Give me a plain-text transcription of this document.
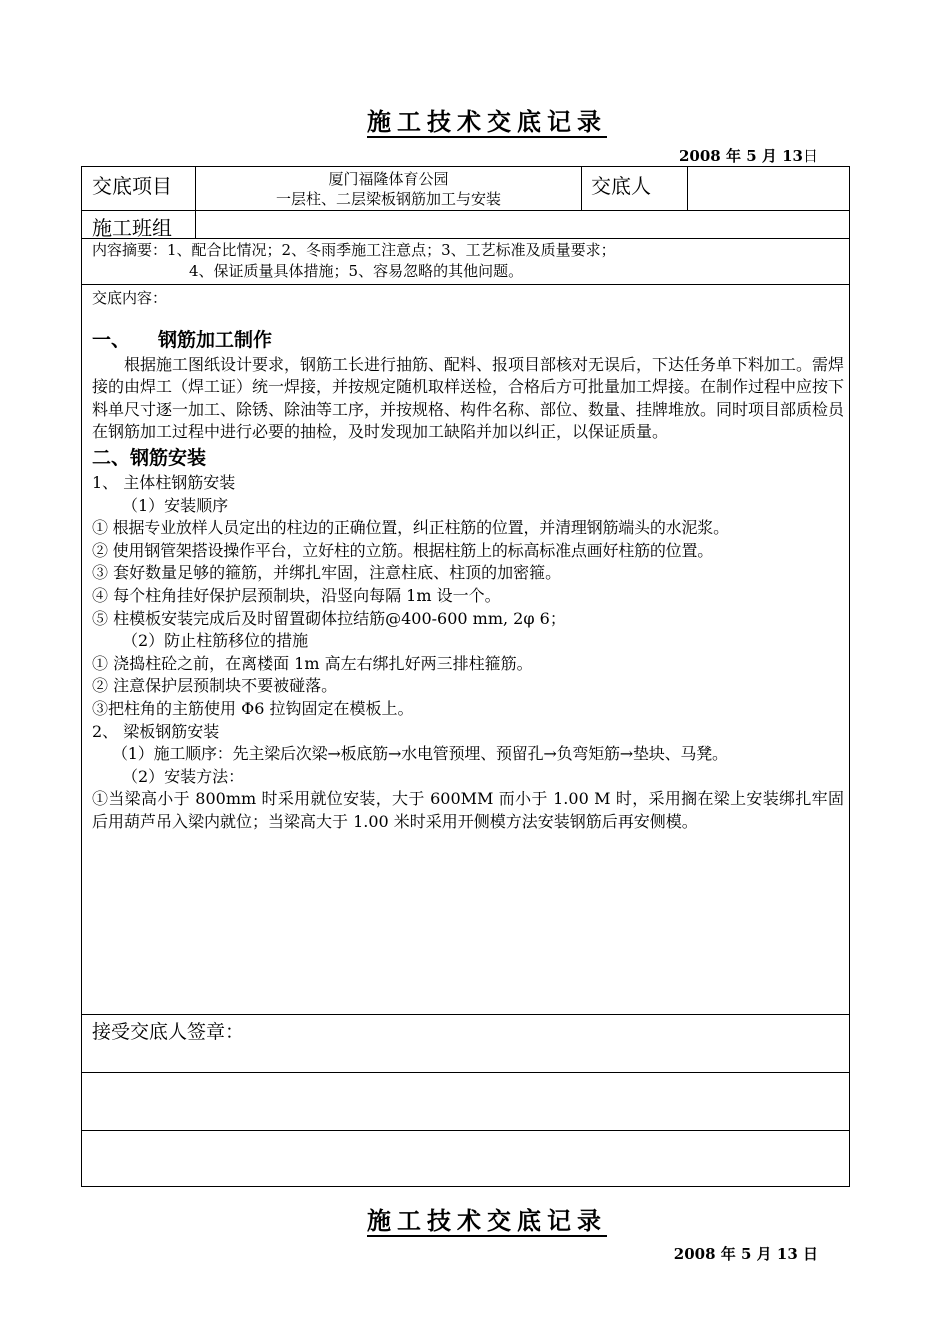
施工技术交底记录
2008 年 5 月 13日
交底项目	厦门福隆体育公园
一层柱、二层梁板钢筋加工与安装
交底人
施工班组
内容摘要：1、配合比情况；2、冬雨季施工注意点；3、工艺标准及质量要求；
4、保证质量具体措施；5、容易忽略的其他问题。

交底内容：

一、 钢筋加工制作

根据施工图纸设计要求，钢筋工长进行抽筋、配料、报项目部核对无误后，下达任务单下料加工。需焊接的由焊工（焊工证）统一焊接，并按规定随机取样送检，合格后方可批量加工焊接。在制作过程中应按下料单尺寸逐一加工、除锈、除油等工序，并按规格、构件名称、部位、数量、挂牌堆放。同时项目部质检员在钢筋加工过程中进行必要的抽检，及时发现加工缺陷并加以纠正，以保证质量。

二、钢筋安装

1、 主体柱钢筋安装

（1）安装顺序

① 根据专业放样人员定出的柱边的正确位置，纠正柱筋的位置，并清理钢筋端头的水泥浆。

② 使用钢管架搭设操作平台，立好柱的立筋。根据柱筋上的标高标准点画好柱筋的位置。

③ 套好数量足够的箍筋，并绑扎牢固，注意柱底、柱顶的加密箍。

④ 每个柱角挂好保护层预制块，沿竖向每隔 1m 设一个。

⑤ 柱模板安装完成后及时留置砌体拉结筋@400-600 mm, 2φ 6；

（2）防止柱筋移位的措施

① 浇捣柱砼之前，在离楼面 1m 高左右绑扎好两三排柱箍筋。

② 注意保护层预制块不要被碰落。

③把柱角的主筋使用 Φ6 拉钩固定在模板上。

2、 梁板钢筋安装

（1）施工顺序：先主梁后次梁→板底筋→水电管预埋、预留孔→负弯矩筋→垫块、马凳。

（2）安装方法：

①当梁高小于 800mm 时采用就位安装，大于 600MM 而小于 1.00 M 时，采用搁在梁上安装绑扎牢固后用葫芦吊入梁内就位；当梁高大于 1.00 米时采用开侧模方法安装钢筋后再安侧模。

接受交底人签章：
施工技术交底记录
2008 年 5 月 13 日
